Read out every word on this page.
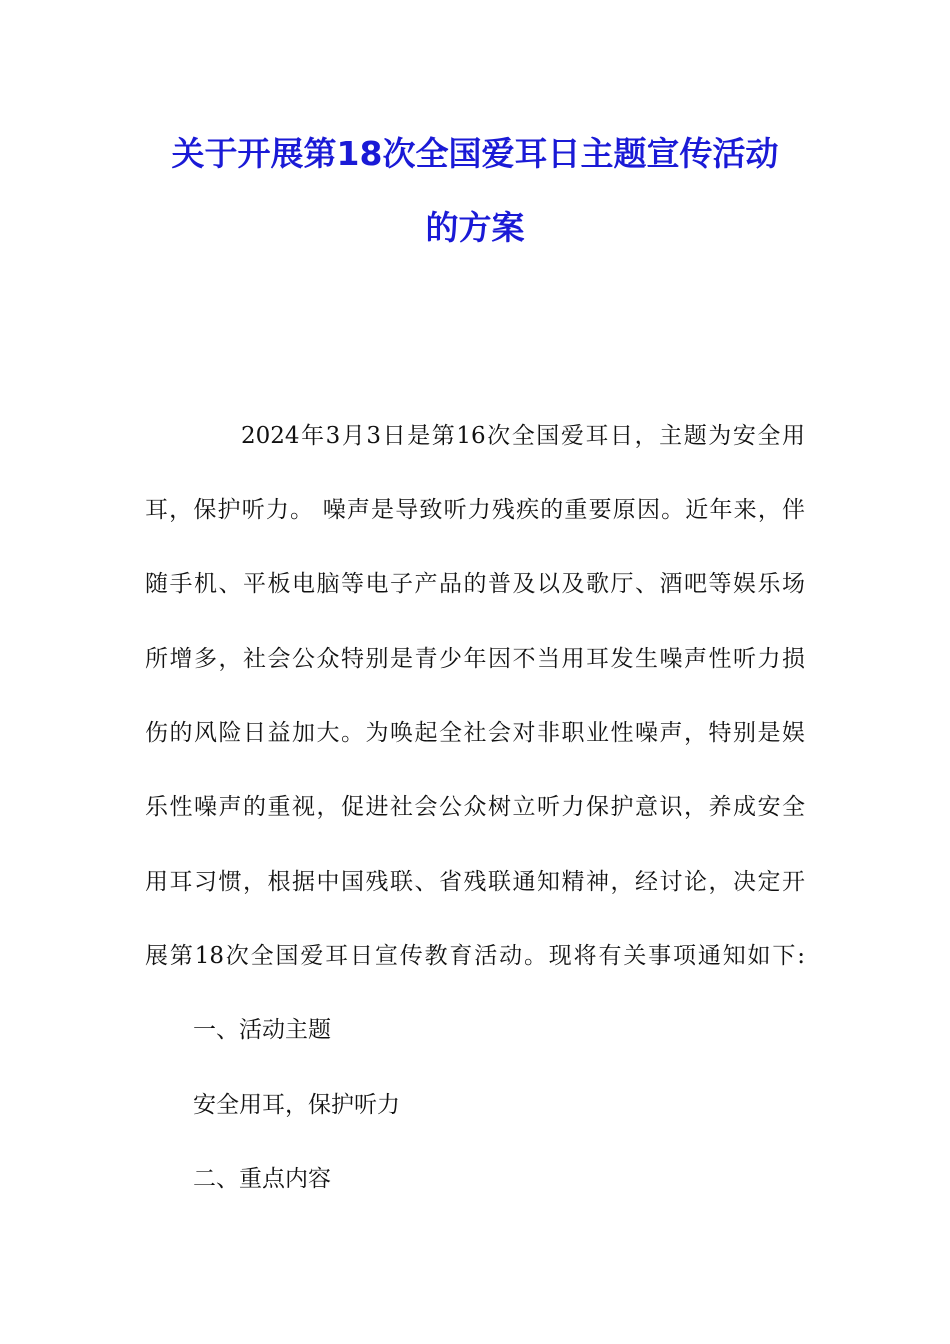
关于开展第18次全国爱耳日主题宣传活动
的方案

2024年3月3日是第16次全国爱耳日，主题为安全用

耳，保护听力。 噪声是导致听力残疾的重要原因。近年来，伴

随手机、平板电脑等电子产品的普及以及歌厅、酒吧等娱乐场

所增多，社会公众特别是青少年因不当用耳发生噪声性听力损

伤的风险日益加大。为唤起全社会对非职业性噪声，特别是娱

乐性噪声的重视，促进社会公众树立听力保护意识，养成安全

用耳习惯，根据中国残联、省残联通知精神，经讨论，决定开

展第18次全国爱耳日宣传教育活动。现将有关事项通知如下:

一、活动主题

安全用耳，保护听力

二、重点内容
